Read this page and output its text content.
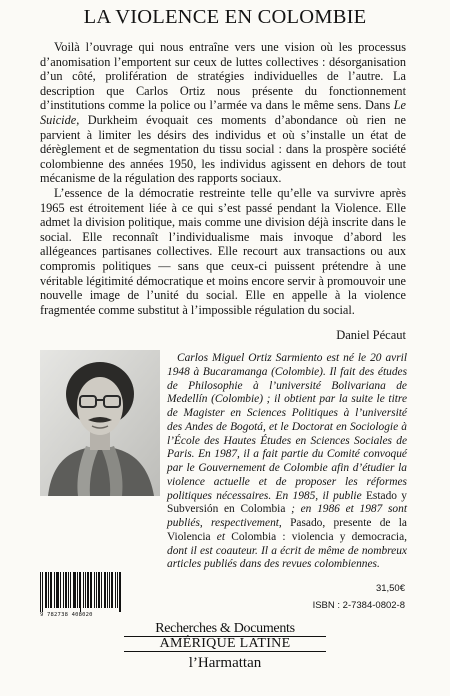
LA VIOLENCE EN COLOMBIE

Voilà l’ouvrage qui nous entraîne vers une vision où les processus d’anomisation l’emportent sur ceux de luttes collectives : désorganisation d’un côté, prolifération de stratégies individuelles de l’autre. La description que Carlos Ortiz nous présente du fonctionnement d’institutions comme la police ou l’armée va dans le même sens. Dans Le Suicide, Durkheim évoquait ces moments d’abondance où rien ne parvient à limiter les désirs des individus et où s’installe un état de dérèglement et de segmentation du tissu social : dans la prospère société colombienne des années 1950, les individus agissent en dehors de tout mécanisme de la régulation des rapports sociaux.

L’essence de la démocratie restreinte telle qu’elle va survivre après 1965 est étroitement liée à ce qui s’est passé pendant la Violence. Elle admet la division politique, mais comme une division déjà inscrite dans le social. Elle reconnaît l’individualisme mais invoque d’abord les allégeances partisanes collectives. Elle recourt aux transactions ou aux compromis politiques — sans que ceux-ci puissent prétendre à une véritable légitimité démocratique et moins encore servir à promouvoir une nouvelle image de l’unité du social. Elle en appelle à la violence fragmentée comme substitut à l’impossible régulation du social.

Daniel Pécaut

Carlos Miguel Ortiz Sarmiento est né le 20 avril 1948 à Bucaramanga (Colombie). Il fait des études de Philosophie à l’université Bolivariana de Medellín (Colombie) ; il obtient par la suite le titre de Magister en Sciences Politiques à l’université des Andes de Bogotá, et le Doctorat en Sociologie à l’École des Hautes Études en Sciences Sociales de Paris. En 1987, il a fait partie du Comité convoqué par le Gouvernement de Colombie afin d’étudier la violence actuelle et de proposer les réformes politiques nécessaires. En 1985, il publie Estado y Subversión en Colombia ; en 1986 et 1987 sont publiés, respectivement, Pasado, presente de la Violencia et Colombia : violencia y democracia, dont il est coauteur. Il a écrit de même de nombreux articles publiés dans des revues colombiennes.

9 782738 408020
31,50€
ISBN : 2-7384-0802-8
Recherches & Documents
AMÉRIQUE LATINE
l’Harmattan
